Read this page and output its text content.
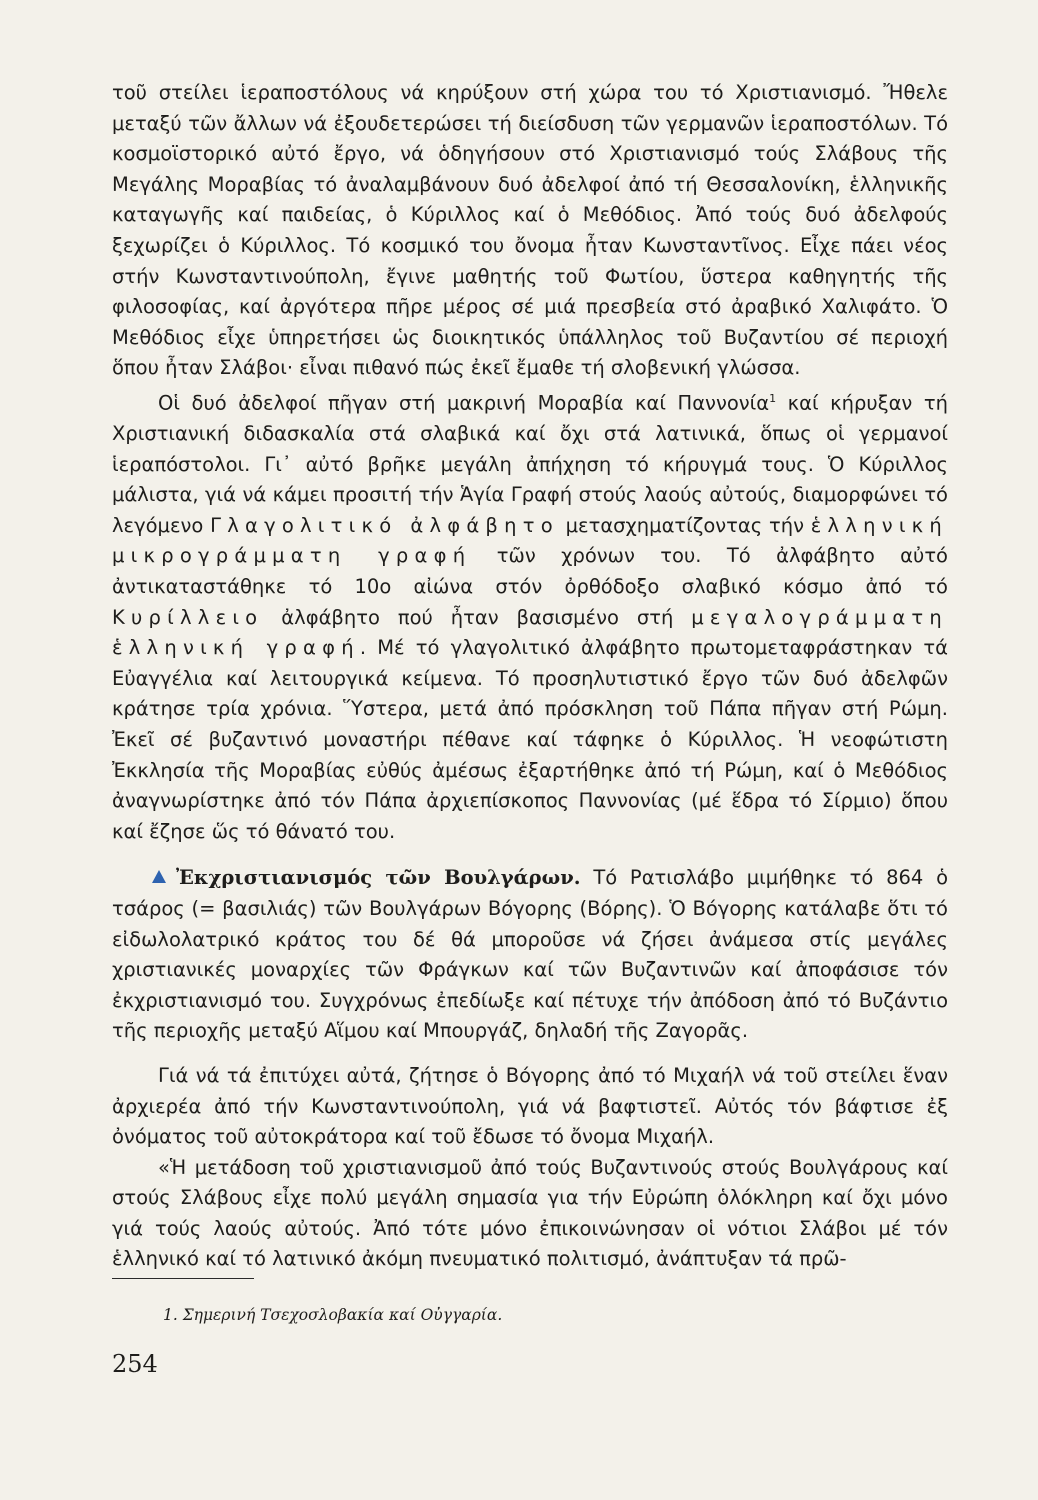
τοῦ στείλει ἱεραποστόλους νά κηρύξουν στή χώρα του τό Χριστιανισμό. Ἤθελε μεταξύ τῶν ἄλλων νά ἐξουδετερώσει τή διείσδυση τῶν γερμανῶν ἱεραποστόλων. Τό κοσμοϊστορικό αὐτό ἔργο, νά ὁδηγήσουν στό Χριστιανισμό τούς Σλάβους τῆς Μεγάλης Μοραβίας τό ἀναλαμβάνουν δυό ἀδελφοί ἀπό τή Θεσσαλονίκη, ἑλληνικῆς καταγωγῆς καί παιδείας, ὁ Κύριλλος καί ὁ Μεθόδιος. Ἀπό τούς δυό ἀδελφούς ξεχωρίζει ὁ Κύριλλος. Τό κοσμικό του ὄνομα ἦταν Κωνσταντῖνος. Εἶχε πάει νέος στήν Κωνσταντινούπολη, ἔγινε μαθητής τοῦ Φωτίου, ὕστερα καθηγητής τῆς φιλοσοφίας, καί ἀργότερα πῆρε μέρος σέ μιά πρεσβεία στό ἀραβικό Χαλιφάτο. Ὁ Μεθόδιος εἶχε ὑπηρετήσει ὡς διοικητικός ὑπάλληλος τοῦ Βυζαντίου σέ περιοχή ὅπου ἦταν Σλάβοι· εἶναι πιθανό πώς ἐκεῖ ἔμαθε τή σλοβενική γλώσσα.

Οἱ δυό ἀδελφοί πῆγαν στή μακρινή Μοραβία καί Παννονία$^1$ καί κήρυξαν τή Χριστιανική διδασκαλία στά σλαβικά καί ὄχι στά λατινικά, ὅπως οἱ γερμανοί ἱεραπόστολοι. Γι᾿ αὐτό βρῆκε μεγάλη ἀπήχηση τό κήρυγμά τους. Ὁ Κύριλλος μάλιστα, γιά νά κάμει προσιτή τήν Ἁγία Γραφή στούς λαούς αὐτούς, διαμορφώνει τό λεγόμενο Γλαγολιτικό ἀλφάβητο μετασχηματίζοντας τήν ἑλληνική μικρογράμματη γραφή τῶν χρόνων του. Τό ἀλφάβητο αὐτό ἀντικαταστάθηκε τό 10ο αἰώνα στόν ὀρθόδοξο σλαβικό κόσμο ἀπό τό Κυρίλλειο ἀλφάβητο πού ἦταν βασισμένο στή μεγαλογράμματη ἑλληνική γραφή. Μέ τό γλαγολιτικό ἀλφάβητο πρωτομεταφράστηκαν τά Εὐαγγέλια καί λειτουργικά κείμενα. Τό προσηλυτιστικό ἔργο τῶν δυό ἀδελφῶν κράτησε τρία χρόνια. Ὕστερα, μετά ἀπό πρόσκληση τοῦ Πάπα πῆγαν στή Ρώμη. Ἐκεῖ σέ βυζαντινό μοναστήρι πέθανε καί τάφηκε ὁ Κύριλλος. Ἡ νεοφώτιστη Ἐκκλησία τῆς Μοραβίας εὐθύς ἀμέσως ἐξαρτήθηκε ἀπό τή Ρώμη, καί ὁ Μεθόδιος ἀναγνωρίστηκε ἀπό τόν Πάπα ἀρχιεπίσκοπος Παννονίας (μέ ἕδρα τό Σίρμιο) ὅπου καί ἔζησε ὥς τό θάνατό του.

Ἐκχριστιανισμός τῶν Βουλγάρων. Τό Ρατισλάβο μιμήθηκε τό 864 ὁ τσάρος (= βασιλιάς) τῶν Βουλγάρων Βόγορης (Βόρης). Ὁ Βόγορης κατάλαβε ὅτι τό εἰδωλολατρικό κράτος του δέ θά μποροῦσε νά ζήσει ἀνάμεσα στίς μεγάλες χριστιανικές μοναρχίες τῶν Φράγκων καί τῶν Βυζαντινῶν καί ἀποφάσισε τόν ἐκχριστιανισμό του. Συγχρόνως ἐπεδίωξε καί πέτυχε τήν ἀπόδοση ἀπό τό Βυζάντιο τῆς περιοχῆς μεταξύ Αἵμου καί Μπουργάζ, δηλαδή τῆς Ζαγορᾶς.

Γιά νά τά ἐπιτύχει αὐτά, ζήτησε ὁ Βόγορης ἀπό τό Μιχαήλ νά τοῦ στείλει ἕναν ἀρχιερέα ἀπό τήν Κωνσταντινούπολη, γιά νά βαφτιστεῖ. Αὐτός τόν βάφτισε ἐξ ὀνόματος τοῦ αὐτοκράτορα καί τοῦ ἔδωσε τό ὄνομα Μιχαήλ.

«Ἡ μετάδοση τοῦ χριστιανισμοῦ ἀπό τούς Βυζαντινούς στούς Βουλγάρους καί στούς Σλάβους εἶχε πολύ μεγάλη σημασία για τήν Εὐρώπη ὁλόκληρη καί ὄχι μόνο γιά τούς λαούς αὐτούς. Ἀπό τότε μόνο ἐπικοινώνησαν οἱ νότιοι Σλάβοι μέ τόν ἑλληνικό καί τό λατινικό ἀκόμη πνευματικό πολιτισμό, ἀνάπτυξαν τά πρῶ-

1. Σημερινή Τσεχοσλοβακία καί Οὐγγαρία.
254
